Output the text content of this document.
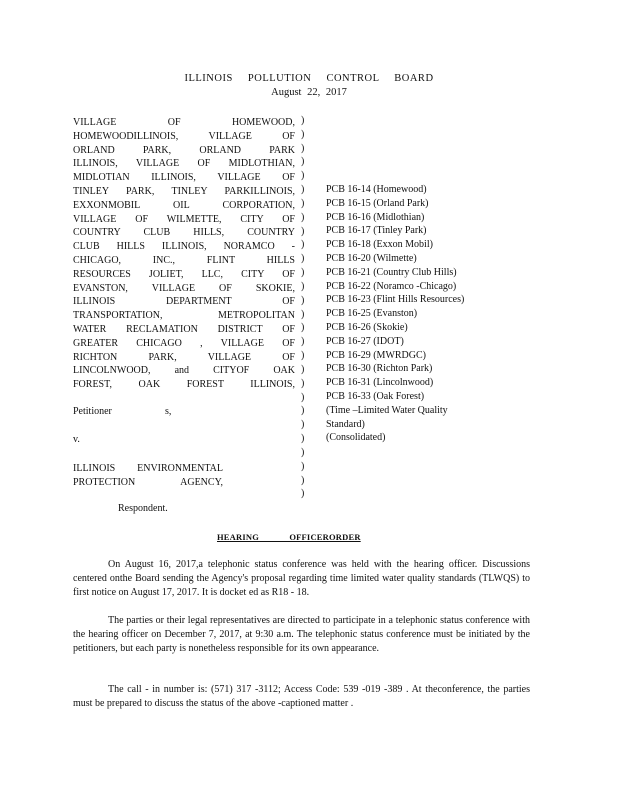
ILLINOIS POLLUTION CONTROL BOARD
August 22, 2017
VILLAGE OF HOMEWOOD,
HOMEWOODILLINOIS, VILLAGE OF
ORLAND PARK, ORLAND PARK
ILLINOIS, VILLAGE OF MIDLOTHIAN,
MIDLOTIAN ILLINOIS, VILLAGE OF
TINLEY PARK, TINLEY PARKILLINOIS,
EXXONMOBIL OIL CORPORATION,
VILLAGE OF WILMETTE, CITY OF
COUNTRY CLUB HILLS, COUNTRY
CLUB HILLS ILLINOIS, NORAMCO -
CHICAGO, INC., FLINT HILLS
RESOURCES JOLIET, LLC, CITY OF
EVANSTON, VILLAGE OF SKOKIE,
ILLINOIS DEPARTMENT OF
TRANSPORTATION, METROPOLITAN
WATER RECLAMATION DISTRICT OF
GREATER CHICAGO , VILLAGE OF
RICHTON PARK, VILLAGE OF
LINCOLNWOOD, and CITYOF OAK
FOREST, OAK FOREST ILLINOIS,
)
)
)
)
)
)
)
)
)
)
)
)
)
)
)
)
)
)
)
)
)
)
)
)
)
)
)
)
PCB 16-14 (Homewood)
PCB 16-15 (Orland Park)
PCB 16-16 (Midlothian)
PCB 16-17 (Tinley Park)
PCB 16-18 (Exxon Mobil)
PCB 16-20 (Wilmette)
PCB 16-21 (Country Club Hills)
PCB 16-22 (Noramco -Chicago)
PCB 16-23 (Flint Hills Resources)
PCB 16-25 (Evanston)
PCB 16-26 (Skokie)
PCB 16-27 (IDOT)
PCB 16-29 (MWRDGC)
PCB 16-30 (Richton Park)
PCB 16-31 (Lincolnwood)
PCB 16-33 (Oak Forest)
(Time –Limited Water Quality
Standard)
(Consolidated)
Petitioner	s,
v.
ILLINOIS ENVIRONMENTAL
PROTECTION AGENCY,
Respondent.
HEARING OFFICERORDER
On August 16, 2017,a telephonic status conference was held with the hearing officer. Discussions centered onthe Board sending the Agency's proposal regarding time limited water quality standards (TLWQS) to first notice on August 17, 2017. It is docket ed as R18 - 18.
The parties or their legal representatives are directed to participate in a telephonic status conference with the hearing officer on December 7, 2017, at 9:30 a.m. The telephonic status conference must be initiated by the petitioners, but each party is nonetheless responsible for its own appearance.
The call - in number is: (571) 317 -3112; Access Code: 539 -019 -389 . At theconference, the parties must be prepared to discuss the status of the above -captioned matter .
